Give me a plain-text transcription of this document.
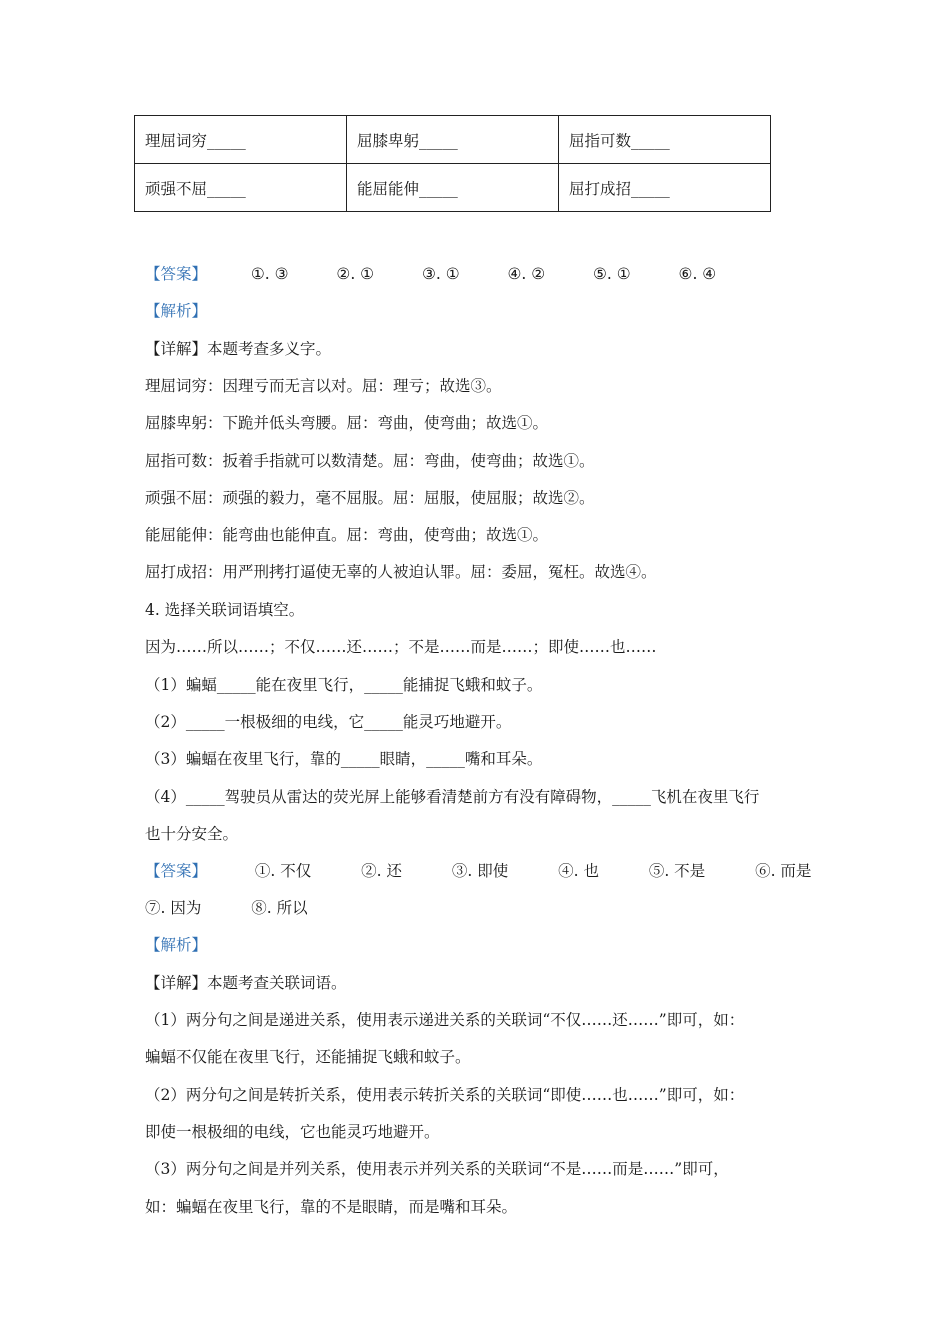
理屈词穷_____	屈膝卑躬_____	屈指可数_____
顽强不屈_____	能屈能伸_____	屈打成招_____
【答案】	①. ③	②. ①	③. ①	④. ②	⑤. ①	⑥. ④
【解析】
【详解】本题考查多义字。
理屈词穷：因理亏而无言以对。屈：理亏；故选③。
屈膝卑躬：下跪并低头弯腰。屈：弯曲，使弯曲；故选①。
屈指可数：扳着手指就可以数清楚。屈：弯曲，使弯曲；故选①。
顽强不屈：顽强的毅力，毫不屈服。屈：屈服，使屈服；故选②。
能屈能伸：能弯曲也能伸直。屈：弯曲，使弯曲；故选①。
屈打成招：用严刑拷打逼使无辜的人被迫认罪。屈：委屈，冤枉。故选④。
4. 选择关联词语填空。
因为……所以……；不仅……还……；不是……而是……；即使……也……
（1）蝙蝠_____能在夜里飞行，_____能捕捉飞蛾和蚊子。
（2）_____一根极细的电线，它_____能灵巧地避开。
（3）蝙蝠在夜里飞行，靠的_____眼睛，_____嘴和耳朵。
（4）_____驾驶员从雷达的荧光屏上能够看清楚前方有没有障碍物，_____飞机在夜里飞行
也十分安全。
【答案】	①. 不仅	②. 还	③. 即使	④. 也	⑤. 不是	⑥. 而是
⑦. 因为	⑧. 所以
【解析】
【详解】本题考查关联词语。
（1）两分句之间是递进关系，使用表示递进关系的关联词“不仅……还……”即可，如：
蝙蝠不仅能在夜里飞行，还能捕捉飞蛾和蚊子。
（2）两分句之间是转折关系，使用表示转折关系的关联词“即使……也……”即可，如：
即使一根极细的电线，它也能灵巧地避开。
（3）两分句之间是并列关系，使用表示并列关系的关联词“不是……而是……”即可，
如：蝙蝠在夜里飞行，靠的不是眼睛，而是嘴和耳朵。
